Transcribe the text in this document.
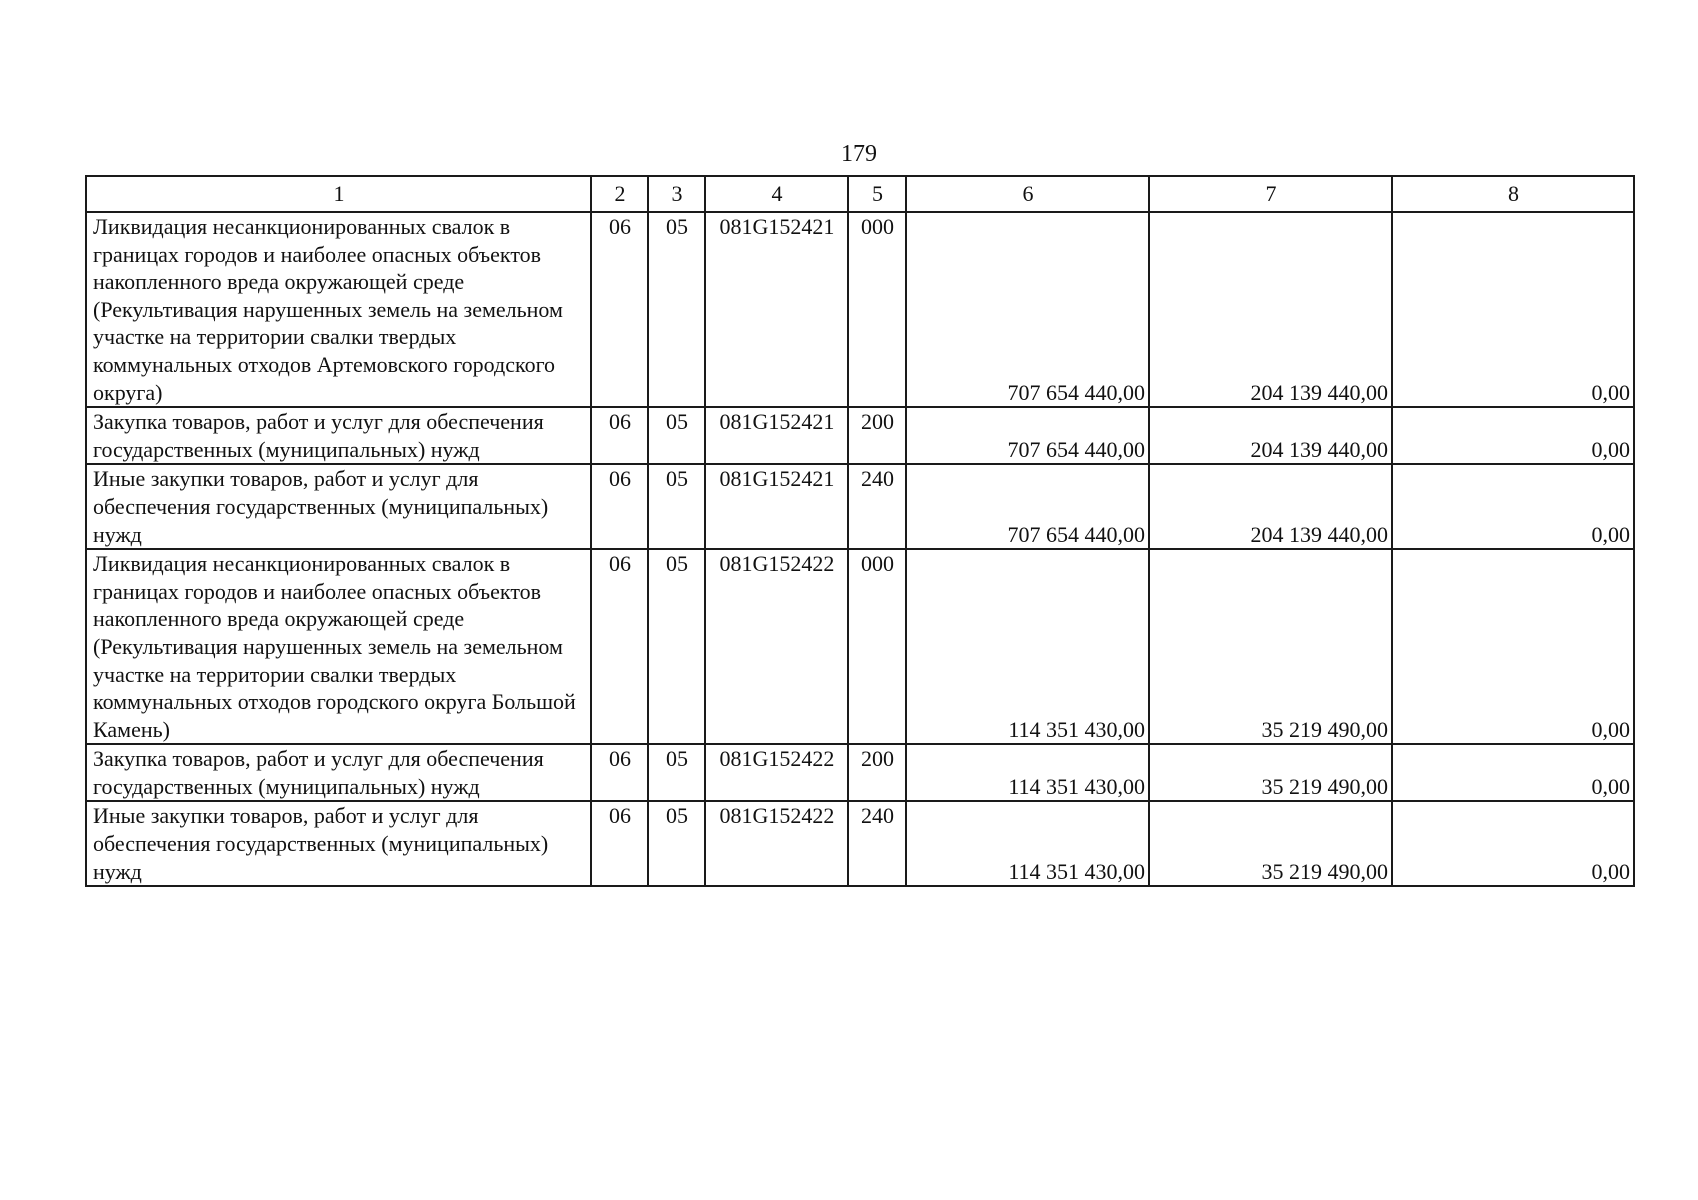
179
1	2	3	4	5	6	7	8
Ликвидация несанкционированных свалок в границах городов и наиболее опасных объектов накопленного вреда окружающей среде (Рекультивация нарушенных земель на земельном участке на территории свалки твердых коммунальных отходов Артемовского городского округа)	06	05	081G152421	000	707 654 440,00	204 139 440,00	0,00
Закупка товаров, работ и услуг для обеспечения государственных (муниципальных) нужд	06	05	081G152421	200	707 654 440,00	204 139 440,00	0,00
Иные закупки товаров, работ и услуг для обеспечения государственных (муниципальных) нужд	06	05	081G152421	240	707 654 440,00	204 139 440,00	0,00
Ликвидация несанкционированных свалок в границах городов и наиболее опасных объектов накопленного вреда окружающей среде (Рекультивация нарушенных земель на земельном участке на территории свалки твердых коммунальных отходов городского округа Большой Камень)	06	05	081G152422	000	114 351 430,00	35 219 490,00	0,00
Закупка товаров, работ и услуг для обеспечения государственных (муниципальных) нужд	06	05	081G152422	200	114 351 430,00	35 219 490,00	0,00
Иные закупки товаров, работ и услуг для обеспечения государственных (муниципальных) нужд	06	05	081G152422	240	114 351 430,00	35 219 490,00	0,00
